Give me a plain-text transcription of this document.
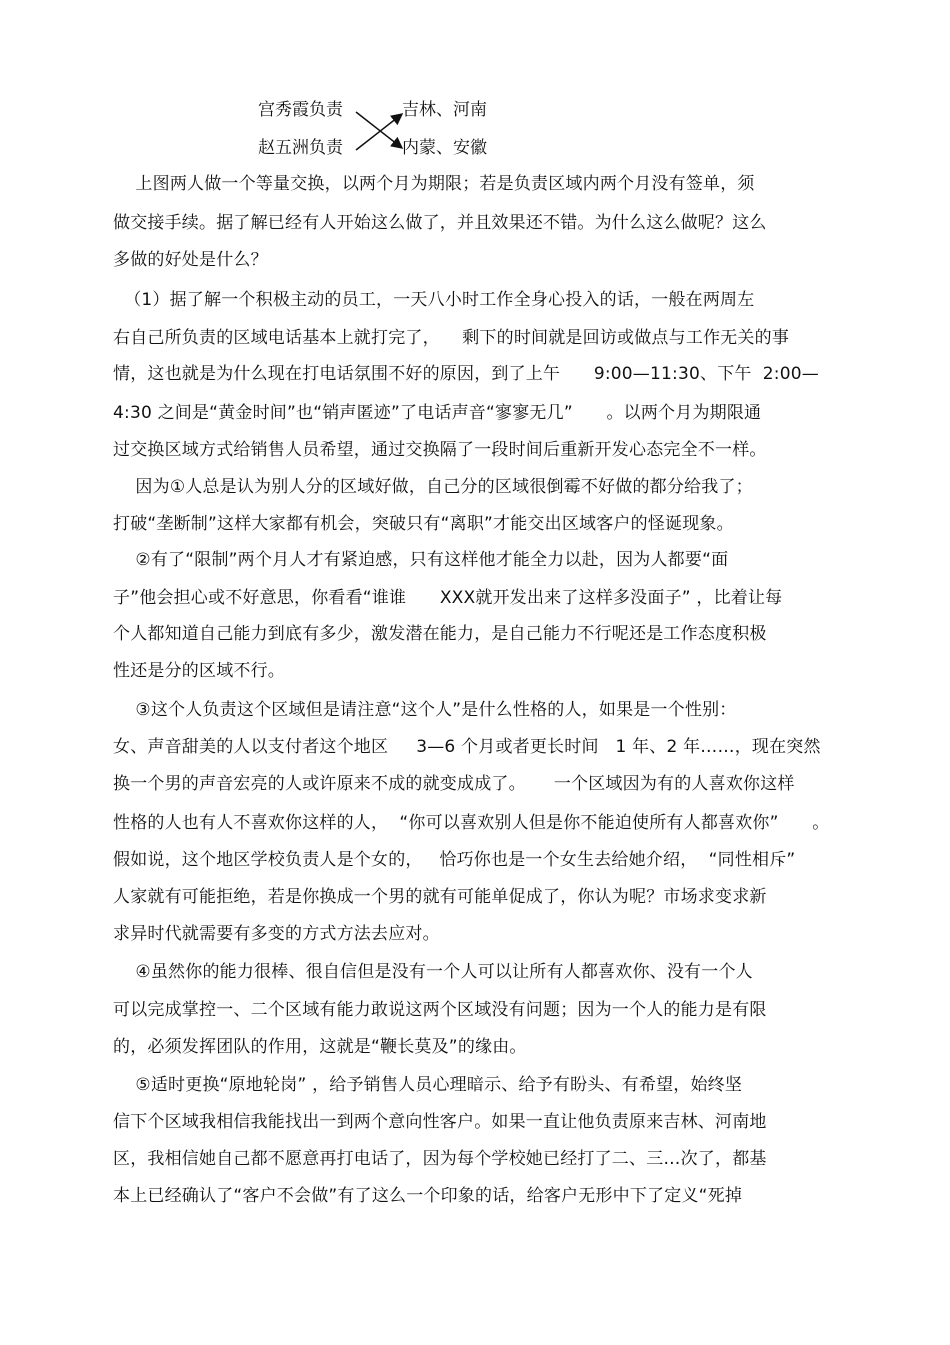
宫秀霞负责
赵五洲负责
吉林、河南
内蒙、安徽
上图两人做一个等量交换，以两个月为期限；若是负责区域内两个月没有签单，须
做交接手续。据了解已经有人开始这么做了，并且效果还不错。为什么这么做呢？这么
多做的好处是什么？
（1）据了解一个积极主动的员工，一天八小时工作全身心投入的话，一般在两周左
右自己所负责的区域电话基本上就打完了，    剩下的时间就是回访或做点与工作无关的事
情，这也就是为什么现在打电话氛围不好的原因，到了上午      9:00—11:30、下午  2:00—
4:30 之间是“黄金时间”也“销声匿迹”了电话声音“寥寥无几”      。以两个月为期限通
过交换区域方式给销售人员希望，通过交换隔了一段时间后重新开发心态完全不一样。
因为①人总是认为别人分的区域好做，自己分的区域很倒霉不好做的都分给我了；
打破“垄断制”这样大家都有机会，突破只有“离职”才能交出区域客户的怪诞现象。
②有了“限制”两个月人才有紧迫感，只有这样他才能全力以赴，因为人都要“面
子”他会担心或不好意思，你看看“谁谁      XXX就开发出来了这样多没面子” ，比着让每
个人都知道自己能力到底有多少，激发潜在能力，是自己能力不行呢还是工作态度积极
性还是分的区域不行。
③这个人负责这个区域但是请注意“这个人”是什么性格的人，如果是一个性别：
女、声音甜美的人以支付者这个地区     3—6 个月或者更长时间   1 年、2 年……，现在突然
换一个男的声音宏亮的人或许原来不成的就变成成了。     一个区域因为有的人喜欢你这样
性格的人也有人不喜欢你这样的人，  “你可以喜欢别人但是你不能迫使所有人都喜欢你”      。
假如说，这个地区学校负责人是个女的，   恰巧你也是一个女生去给她介绍，  “同性相斥”
人家就有可能拒绝，若是你换成一个男的就有可能单促成了，你认为呢？市场求变求新
求异时代就需要有多变的方式方法去应对。
④虽然你的能力很棒、很自信但是没有一个人可以让所有人都喜欢你、没有一个人
可以完成掌控一、二个区域有能力敢说这两个区域没有问题；因为一个人的能力是有限
的，必须发挥团队的作用，这就是“鞭长莫及”的缘由。
⑤适时更换“原地轮岗” ，给予销售人员心理暗示、给予有盼头、有希望，始终坚
信下个区域我相信我能找出一到两个意向性客户。如果一直让他负责原来吉林、河南地
区，我相信她自己都不愿意再打电话了，因为每个学校她已经打了二、三…次了，都基
本上已经确认了“客户不会做”有了这么一个印象的话，给客户无形中下了定义“死掉
